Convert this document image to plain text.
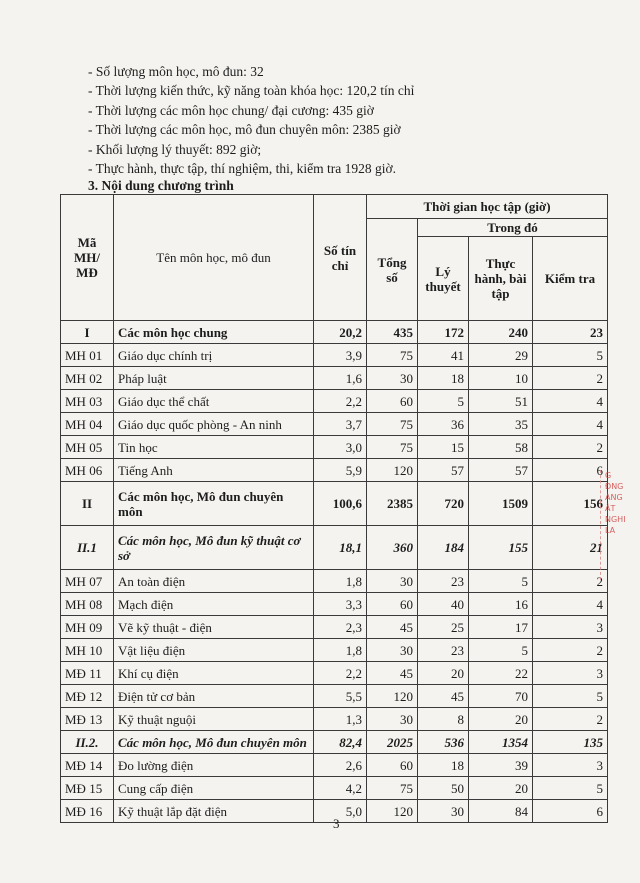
- Số lượng môn học, mô đun: 32
- Thời lượng kiến thức, kỹ năng toàn khóa học: 120,2 tín chỉ
- Thời lượng các môn học chung/ đại cương: 435 giờ
- Thời lượng các môn học, mô đun chuyên môn: 2385 giờ
- Khối lượng lý thuyết: 892 giờ;
- Thực hành, thực tập, thí nghiệm, thi, kiểm tra 1928 giờ.
3. Nội dung chương trình
Mã MH/ MĐ	Tên môn học, mô đun	Số tín chỉ	Thời gian học tập (giờ)			
			Tổng số	Trong đó		
				Lý thuyết	Thực hành, bài tập	Kiểm tra
I	Các môn học chung	20,2	435	172	240	23
MH 01	Giáo dục chính trị	3,9	75	41	29	5
MH 02	Pháp luật	1,6	30	18	10	2
MH 03	Giáo dục thể chất	2,2	60	5	51	4
MH 04	Giáo dục quốc phòng - An ninh	3,7	75	36	35	4
MH 05	Tin học	3,0	75	15	58	2
MH 06	Tiếng Anh	5,9	120	57	57	6
II	Các môn học, Mô đun chuyên môn	100,6	2385	720	1509	156
II.1	Các môn học, Mô đun kỹ thuật cơ sở	18,1	360	184	155	21
MH 07	An toàn điện	1,8	30	23	5	2
MH 08	Mạch điện	3,3	60	40	16	4
MH 09	Vẽ kỹ thuật - điện	2,3	45	25	17	3
MH 10	Vật liệu điện	1,8	30	23	5	2
MĐ 11	Khí cụ điện	2,2	45	20	22	3
MĐ 12	Điện tử cơ bản	5,5	120	45	70	5
MĐ 13	Kỹ thuật nguội	1,3	30	8	20	2
II.2.	Các môn học, Mô đun chuyên môn	82,4	2025	536	1354	135
MĐ 14	Đo lường điện	2,6	60	18	39	3
MĐ 15	Cung cấp điện	4,2	75	50	20	5
MĐ 16	Kỹ thuật lắp đặt điện	5,0	120	30	84	6
3
G
ĐNG
ÀNG
ẬT
NGHI
LA
